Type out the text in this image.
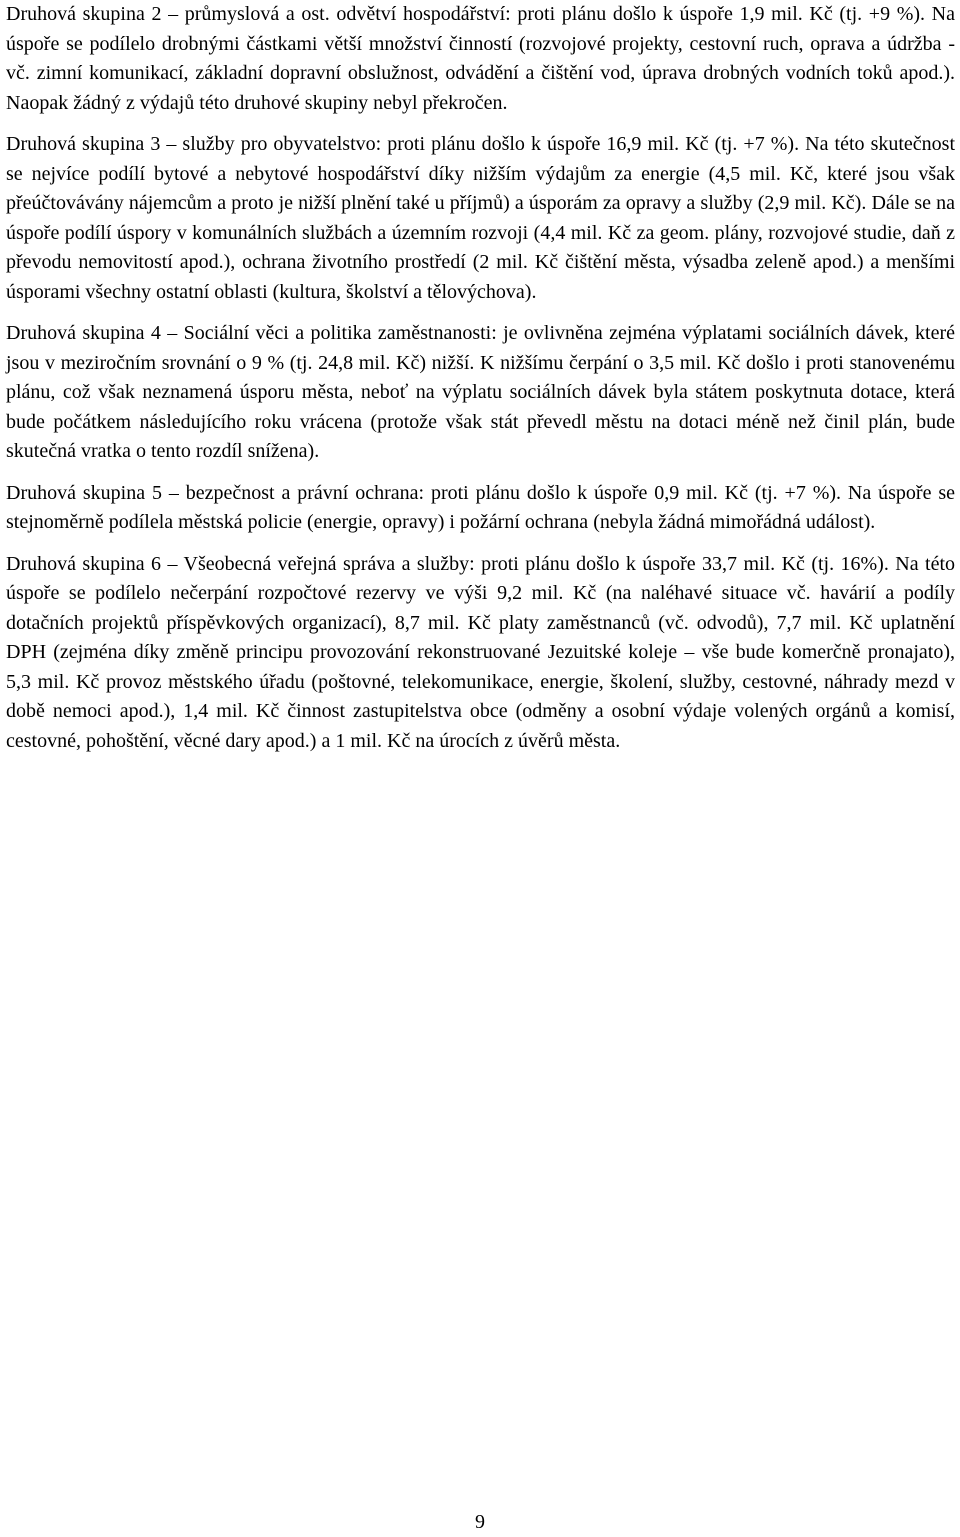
Druhová skupina 2 – průmyslová a ost. odvětví hospodářství: proti plánu došlo k úspoře 1,9 mil. Kč (tj. +9 %). Na úspoře se podílelo drobnými částkami větší množství činností (rozvojové projekty, cestovní ruch, oprava a údržba - vč. zimní komunikací, základní dopravní obslužnost, odvádění a čištění vod, úprava drobných vodních toků apod.). Naopak žádný z výdajů této druhové skupiny nebyl překročen.

Druhová skupina 3 – služby pro obyvatelstvo: proti plánu došlo k úspoře 16,9 mil. Kč (tj. +7 %). Na této skutečnost se nejvíce podílí bytové a nebytové hospodářství díky nižším výdajům za energie (4,5 mil. Kč, které jsou však přeúčtovávány nájemcům a proto je nižší plnění také u příjmů) a úsporám za opravy a služby (2,9 mil. Kč). Dále se na úspoře podílí úspory v komunálních službách a územním rozvoji (4,4 mil. Kč za geom. plány, rozvojové studie, daň z převodu nemovitostí apod.), ochrana životního prostředí (2 mil. Kč čištění města, výsadba zeleně apod.) a menšími úsporami všechny ostatní oblasti (kultura, školství a tělovýchova).

Druhová skupina 4 – Sociální věci a politika zaměstnanosti: je ovlivněna zejména výplatami sociálních dávek, které jsou v meziročním srovnání o 9 % (tj. 24,8 mil. Kč) nižší. K nižšímu čerpání o 3,5 mil. Kč došlo i proti stanovenému plánu, což však neznamená úsporu města, neboť na výplatu sociálních dávek byla státem poskytnuta dotace, která bude počátkem následujícího roku vrácena (protože však stát převedl městu na dotaci méně než činil plán, bude skutečná vratka o tento rozdíl snížena).

Druhová skupina 5 – bezpečnost a právní ochrana: proti plánu došlo k úspoře 0,9 mil. Kč (tj. +7 %). Na úspoře se stejnoměrně podílela městská policie (energie, opravy) i požární ochrana (nebyla žádná mimořádná událost).

Druhová skupina 6 – Všeobecná veřejná správa a služby: proti plánu došlo k úspoře 33,7 mil. Kč (tj. 16%). Na této úspoře se podílelo nečerpání rozpočtové rezervy ve výši 9,2 mil. Kč (na naléhavé situace vč. havárií a podíly dotačních projektů příspěvkových organizací), 8,7 mil. Kč platy zaměstnanců (vč. odvodů), 7,7 mil. Kč uplatnění DPH (zejména díky změně principu provozování rekonstruované Jezuitské koleje – vše bude komerčně pronajato), 5,3 mil. Kč provoz městského úřadu (poštovné, telekomunikace, energie, školení, služby, cestovné, náhrady mezd v době nemoci apod.), 1,4 mil. Kč činnost zastupitelstva obce (odměny a osobní výdaje volených orgánů a komisí, cestovné, pohoštění, věcné dary apod.) a 1 mil. Kč na úrocích z úvěrů města.

9
